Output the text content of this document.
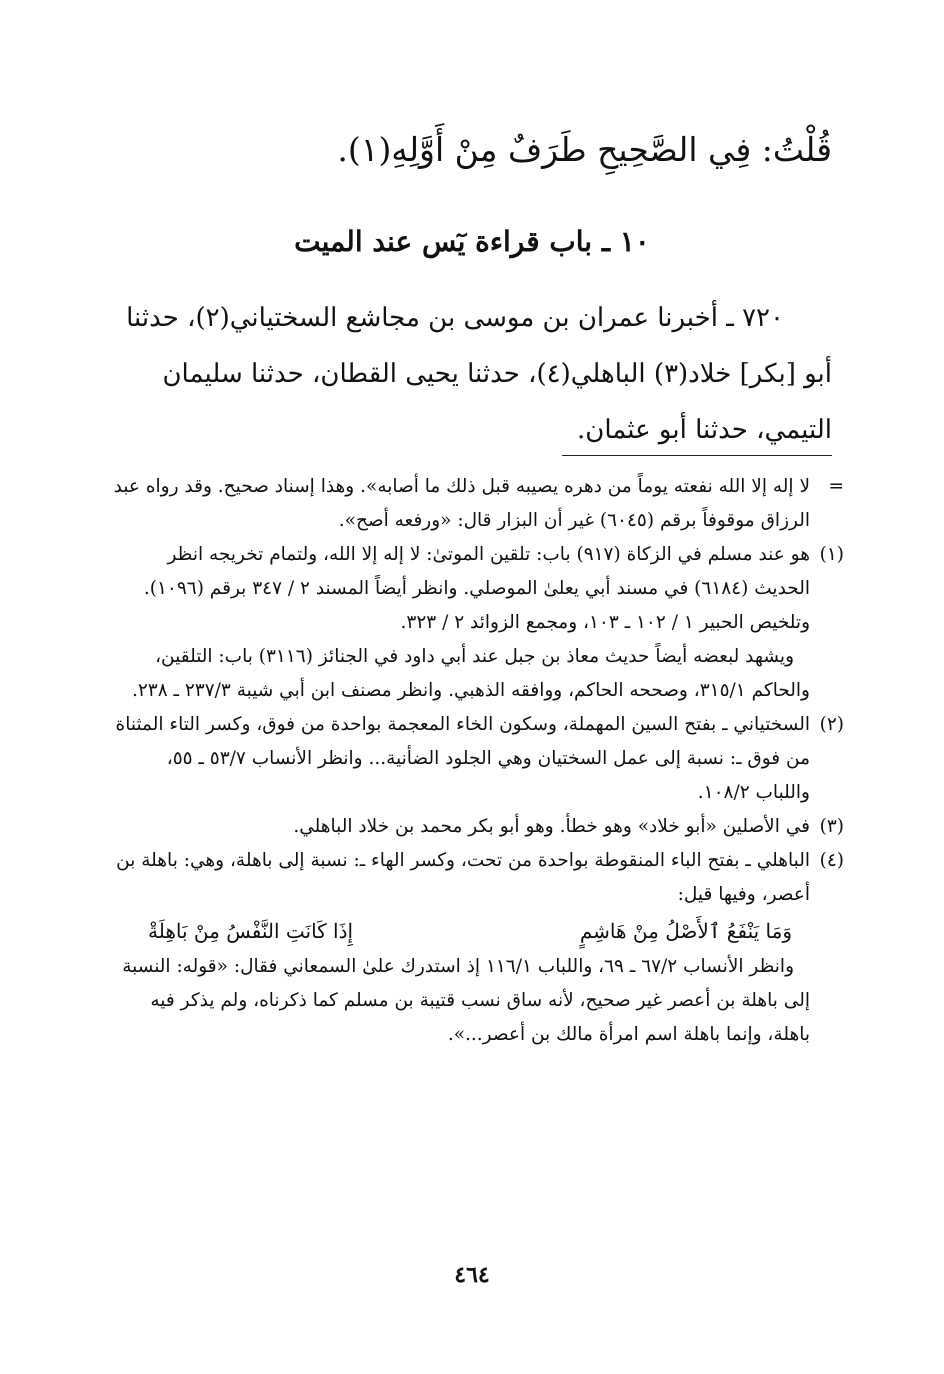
قُلْتُ: فِي الصَّحِيحِ طَرَفٌ مِنْ أَوَّلِهِ(١).
١٠ ـ باب قراءة يٓس عند الميت

٧٢٠ ـ أخبرنا عمران بن موسى بن مجاشع السختياني(٢)، حدثنا

أبو [بكر] خلاد(٣) الباهلي(٤)، حدثنا يحيى القطان، حدثنا سليمان

التيمي، حدثنا أبو عثمان.

=
لا إله إلا الله نفعته يوماً من دهره يصيبه قبل ذلك ما أصابه». وهذا إسناد صحيح. وقد رواه عبد الرزاق موقوفاً برقم (٦٠٤٥) غير أن البزار قال: «ورفعه أصح».
(١)
هو عند مسلم في الزكاة (٩١٧) باب: تلقين الموتىٰ: لا إله إلا الله، ولتمام تخريجه انظر الحديث (٦١٨٤) في مسند أبي يعلىٰ الموصلي. وانظر أيضاً المسند ٢ / ٣٤٧ برقم (١٠٩٦). وتلخيص الحبير ١ / ١٠٢ ـ ١٠٣، ومجمع الزوائد ٢ / ٣٢٣.

ويشهد لبعضه أيضاً حديث معاذ بن جبل عند أبي داود في الجنائز (٣١١٦) باب: التلقين، والحاكم ٣١٥/١، وصححه الحاكم، ووافقه الذهبي. وانظر مصنف ابن أبي شيبة ٢٣٧/٣ ـ ٢٣٨.

(٢)
السختياني ـ بفتح السين المهملة، وسكون الخاء المعجمة بواحدة من فوق، وكسر التاء المثناة من فوق ـ: نسبة إلى عمل السختيان وهي الجلود الضأنية... وانظر الأنساب ٥٣/٧ ـ ٥٥، واللباب ١٠٨/٢.
(٣)
في الأصلين «أبو خلاد» وهو خطأ. وهو أبو بكر محمد بن خلاد الباهلي.
(٤)
الباهلي ـ بفتح الباء المنقوطة بواحدة من تحت، وكسر الهاء ـ: نسبة إلى باهلة، وهي: باهلة بن أعصر، وفيها قيل:
وَمَا يَنْفَعُ ٱلأَصْلُ مِنْ هَاشِمٍ
إِذَا كَانَتِ النَّفْسُ مِنْ بَاهِلَةْ

وانظر الأنساب ٦٧/٢ ـ ٦٩، واللباب ١١٦/١ إذ استدرك علىٰ السمعاني فقال: «قوله: النسبة إلى باهلة بن أعصر غير صحيح، لأنه ساق نسب قتيبة بن مسلم كما ذكرناه، ولم يذكر فيه باهلة، وإنما باهلة اسم امرأة مالك بن أعصر...».

٤٦٤
